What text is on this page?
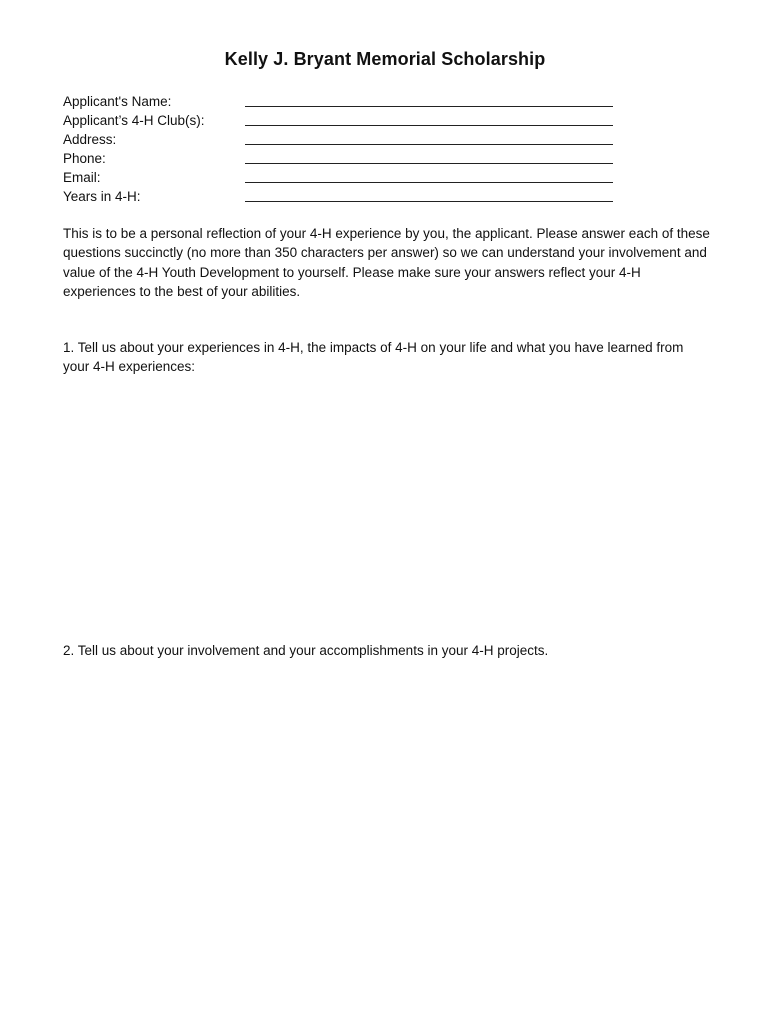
Kelly J. Bryant Memorial Scholarship
Applicant's Name:
Applicant’s 4-H Club(s):
Address:
Phone:
Email:
Years in 4-H:
This is to be a personal reflection of your 4-H experience by you, the applicant. Please answer each of these questions succinctly (no more than 350 characters per answer) so we can understand your involvement and value of the 4-H Youth Development to yourself. Please make sure your answers reflect your 4-H experiences to the best of your abilities.
1. Tell us about your experiences in 4-H, the impacts of 4-H on your life and what you have learned from your 4-H experiences:
2. Tell us about your involvement and your accomplishments in your 4-H projects.
